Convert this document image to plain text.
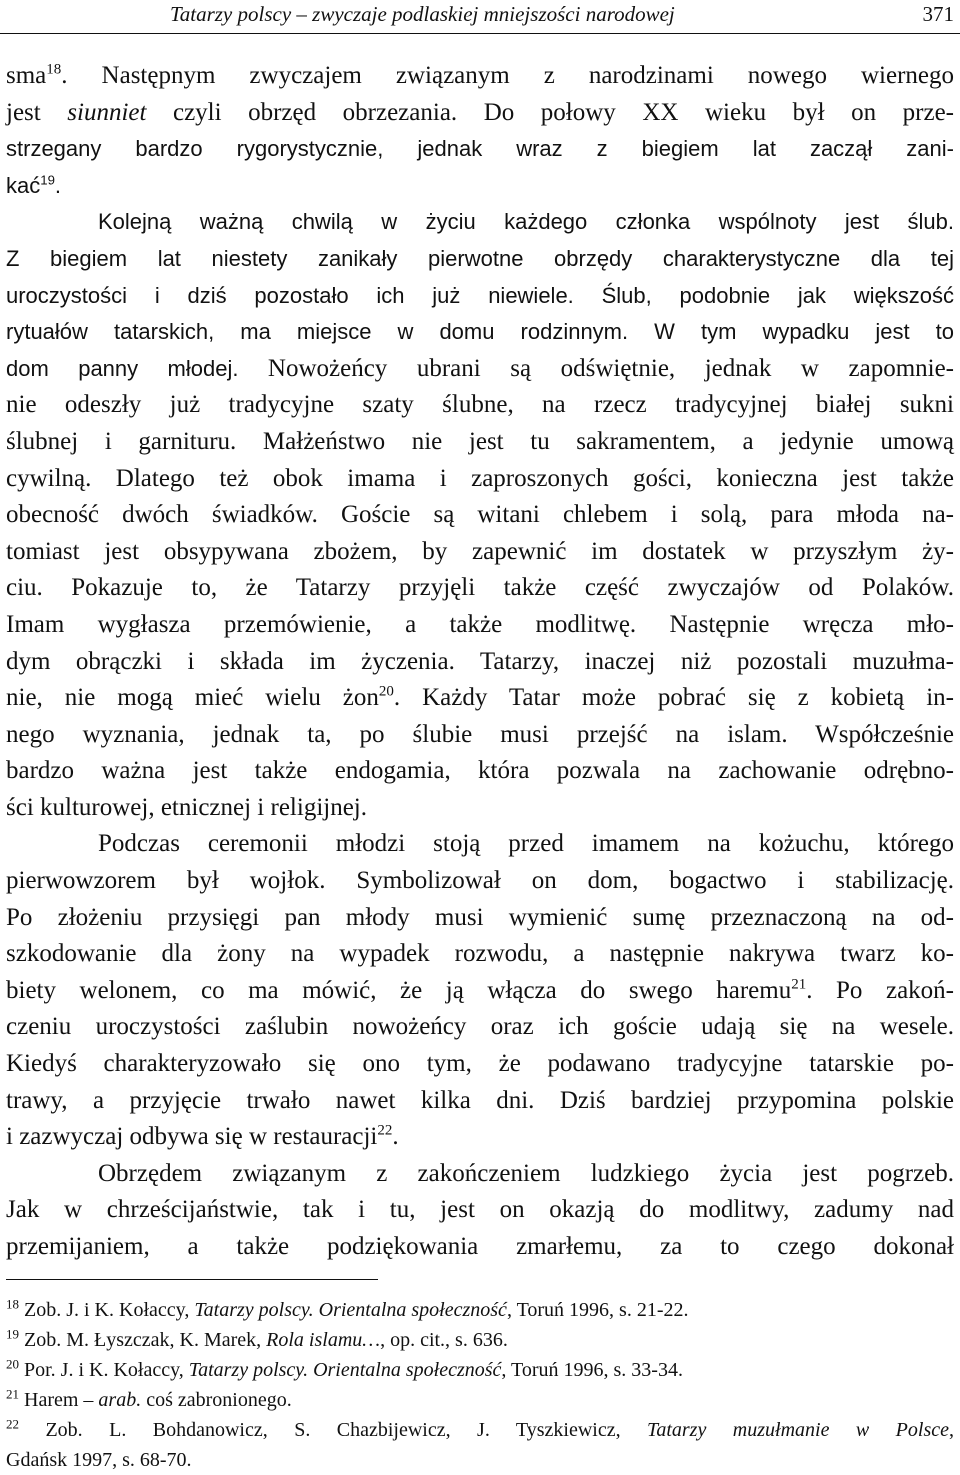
Tatarzy polscy – zwyczaje podlaskiej mniejszości narodowej	371
sma$^{18}$. Następnym zwyczajem związanym z narodzinami nowego wiernego
jest siunniet czyli obrzęd obrzezania. Do połowy XX wieku był on prze-
strzegany bardzo rygorystycznie, jednak wraz z biegiem lat zaczął zani-
kać$^{19}$.
Kolejną ważną chwilą w życiu każdego członka wspólnoty jest ślub.
Z biegiem lat niestety zanikały pierwotne obrzędy charakterystyczne dla tej
uroczystości i dziś pozostało ich już niewiele. Ślub, podobnie jak większość
rytuałów tatarskich, ma miejsce w domu rodzinnym. W tym wypadku jest to
dom panny młodej. Nowożeńcy ubrani są odświętnie, jednak w zapomnie-
nie odeszły już tradycyjne szaty ślubne, na rzecz tradycyjnej białej sukni
ślubnej i garnituru. Małżeństwo nie jest tu sakramentem, a jedynie umową
cywilną. Dlatego też obok imama i zaproszonych gości, konieczna jest także
obecność dwóch świadków. Goście są witani chlebem i solą, para młoda na-
tomiast jest obsypywana zbożem, by zapewnić im dostatek w przyszłym ży-
ciu. Pokazuje to, że Tatarzy przyjęli także część zwyczajów od Polaków.
Imam wygłasza przemówienie, a także modlitwę. Następnie wręcza mło-
dym obrączki i składa im życzenia. Tatarzy, inaczej niż pozostali muzułma-
nie, nie mogą mieć wielu żon$^{20}$. Każdy Tatar może pobrać się z kobietą in-
nego wyznania, jednak ta, po ślubie musi przejść na islam. Współcześnie
bardzo ważna jest także endogamia, która pozwala na zachowanie odrębno-
ści kulturowej, etnicznej i religijnej.
Podczas ceremonii młodzi stoją przed imamem na kożuchu, którego
pierwowzorem był wojłok. Symbolizował on dom, bogactwo i stabilizację.
Po złożeniu przysięgi pan młody musi wymienić sumę przeznaczoną na od-
szkodowanie dla żony na wypadek rozwodu, a następnie nakrywa twarz ko-
biety welonem, co ma mówić, że ją włącza do swego haremu$^{21}$. Po zakoń-
czeniu uroczystości zaślubin nowożeńcy oraz ich goście udają się na wesele.
Kiedyś charakteryzowało się ono tym, że podawano tradycyjne tatarskie po-
trawy, a przyjęcie trwało nawet kilka dni. Dziś bardziej przypomina polskie
i zazwyczaj odbywa się w restauracji$^{22}$.
Obrzędem związanym z zakończeniem ludzkiego życia jest pogrzeb.
Jak w chrześcijaństwie, tak i tu, jest on okazją do modlitwy, zadumy nad
przemijaniem, a także podziękowania zmarłemu, za to czego dokonał
$^{18}$ Zob. J. i K. Kołaccy, Tatarzy polscy. Orientalna społeczność, Toruń 1996, s. 21-22.
$^{19}$ Zob. M. Łyszczak, K. Marek, Rola islamu…, op. cit., s. 636.
$^{20}$ Por. J. i K. Kołaccy, Tatarzy polscy. Orientalna społeczność, Toruń 1996, s. 33-34.
$^{21}$ Harem – arab. coś zabronionego.
$^{22}$ Zob. L. Bohdanowicz, S. Chazbijewicz, J. Tyszkiewicz, Tatarzy muzułmanie w Polsce,
Gdańsk 1997, s. 68-70.
